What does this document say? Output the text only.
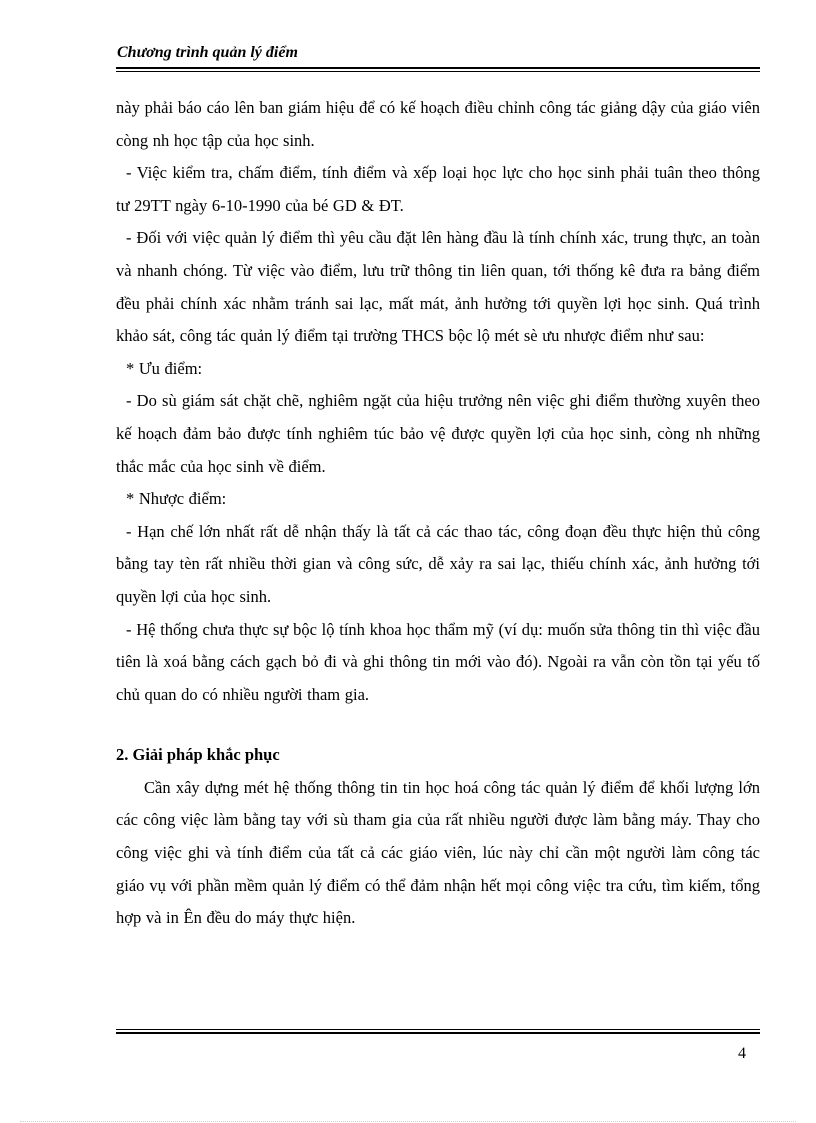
Chương trình quản lý điểm

này phải báo cáo lên ban giám hiệu để có kế hoạch điều chỉnh công tác giảng dậy của giáo viên còng nh học tập của học sinh.

- Việc kiểm tra, chấm điểm, tính điểm và xếp loại học lực cho học sinh phải tuân theo thông tư 29TT ngày 6-10-1990 của bé GD & ĐT.

- Đối với việc quản lý điểm thì yêu cầu đặt lên hàng đầu là tính chính xác, trung thực, an toàn và nhanh chóng. Từ việc vào điểm, lưu trữ thông tin liên quan, tới thống kê đưa ra bảng điểm đều phải chính xác nhằm tránh sai lạc, mất mát, ảnh hưởng tới quyền lợi học sinh. Quá trình khảo sát, công tác quản lý điểm tại trường THCS bộc lộ mét sè ưu nhược điểm như sau:

* Ưu điểm:

- Do sù giám sát chặt chẽ, nghiêm ngặt của hiệu trưởng nên việc ghi điểm thường xuyên theo kế hoạch đảm bảo được tính nghiêm túc bảo vệ được quyền lợi của học sinh, còng nh những thắc mắc của học sinh về điểm.

* Nhược điểm:

- Hạn chế lớn nhất rất dễ nhận thấy là tất cả các thao tác, công đoạn đều thực hiện thủ công bằng tay tèn rất nhiều thời gian và công sức, dễ xảy ra sai lạc, thiếu chính xác, ảnh hưởng tới quyền lợi của học sinh.

- Hệ thống chưa thực sự bộc lộ tính khoa học thẩm mỹ (ví dụ: muốn sửa thông tin thì việc đầu tiên là xoá bằng cách gạch bỏ đi và ghi thông tin mới vào đó). Ngoài ra vẫn còn tồn tại yếu tố chủ quan do có nhiều người tham gia.

2. Giải pháp khắc phục

Cần xây dựng mét hệ thống thông tin tin học hoá công tác quản lý điểm để khối lượng lớn các công việc làm bằng tay với sù tham gia của rất nhiều người được làm bằng máy. Thay cho công việc ghi và tính điểm của tất cả các giáo viên, lúc này chỉ cần một người làm công tác giáo vụ với phần mềm quản lý điểm có thể đảm nhận hết mọi công việc tra cứu, tìm kiếm, tổng hợp và in Ên đều do máy thực hiện.

4
